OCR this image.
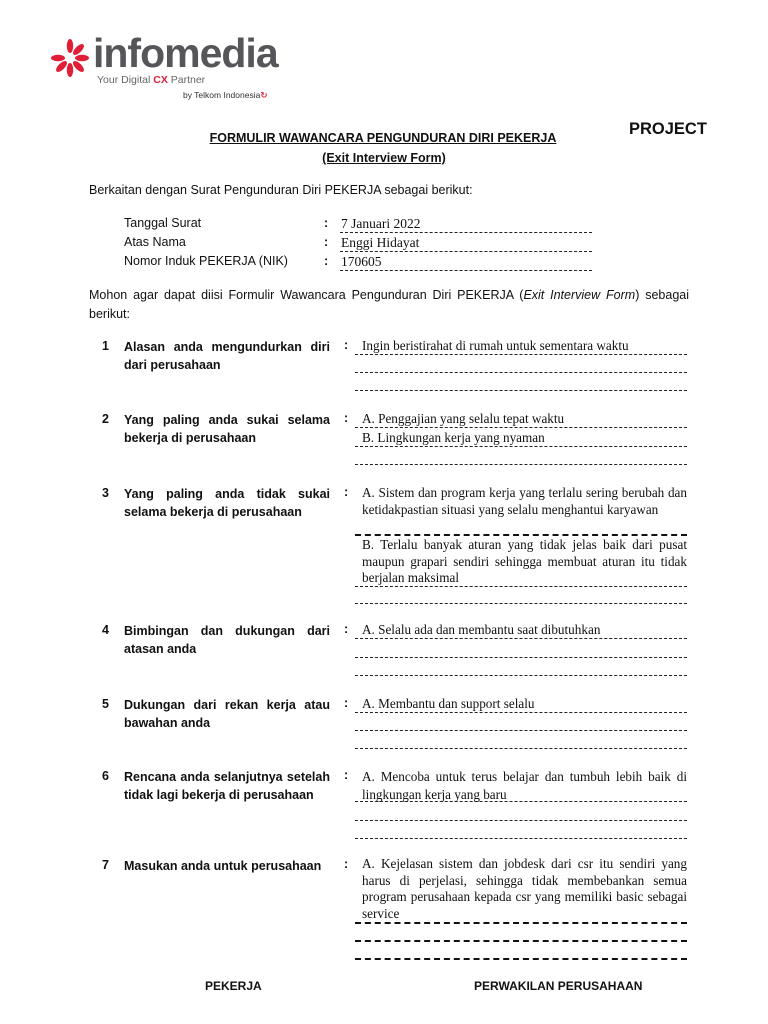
infomedia
Your Digital CX Partner
by Telkom Indonesia↻
PROJECT
FORMULIR WAWANCARA PENGUNDURAN DIRI PEKERJA
(Exit Interview Form)
Berkaitan dengan Surat Pengunduran Diri PEKERJA sebagai berikut:
Tanggal Surat	: 7 Januari 2022
Atas Nama	: Enggi Hidayat
Nomor Induk PEKERJA (NIK)	: 170605
Mohon agar dapat diisi Formulir Wawancara Pengunduran Diri PEKERJA (Exit Interview Form) sebagai berikut:
1 Alasan anda mengundurkan diri dari perusahaan
:	Ingin beristirahat di rumah untuk sementara waktu
2 Yang paling anda sukai selama bekerja di perusahaan
:	A. Penggajian yang selalu tepat waktu
B. Lingkungan kerja yang nyaman
3 Yang paling anda tidak sukai selama bekerja di perusahaan
:	A. Sistem dan program kerja yang terlalu sering berubah dan ketidakpastian situasi yang selalu menghantui karyawan
B. Terlalu banyak aturan yang tidak jelas baik dari pusat maupun grapari sendiri sehingga membuat aturan itu tidak berjalan maksimal
4 Bimbingan dan dukungan dari atasan anda
:	A. Selalu ada dan membantu saat dibutuhkan
5 Dukungan dari rekan kerja atau bawahan anda
:	A. Membantu dan support selalu
6 Rencana anda selanjutnya setelah tidak lagi bekerja di perusahaan
:	A. Mencoba untuk terus belajar dan tumbuh lebih baik di lingkungan kerja yang baru
7 Masukan anda untuk perusahaan	:	A. Kejelasan sistem dan jobdesk dari csr itu sendiri yang harus di perjelasi, sehingga tidak membebankan semua program perusahaan kepada csr yang memiliki basic sebagai service
PEKERJA	PERWAKILAN PERUSAHAAN
